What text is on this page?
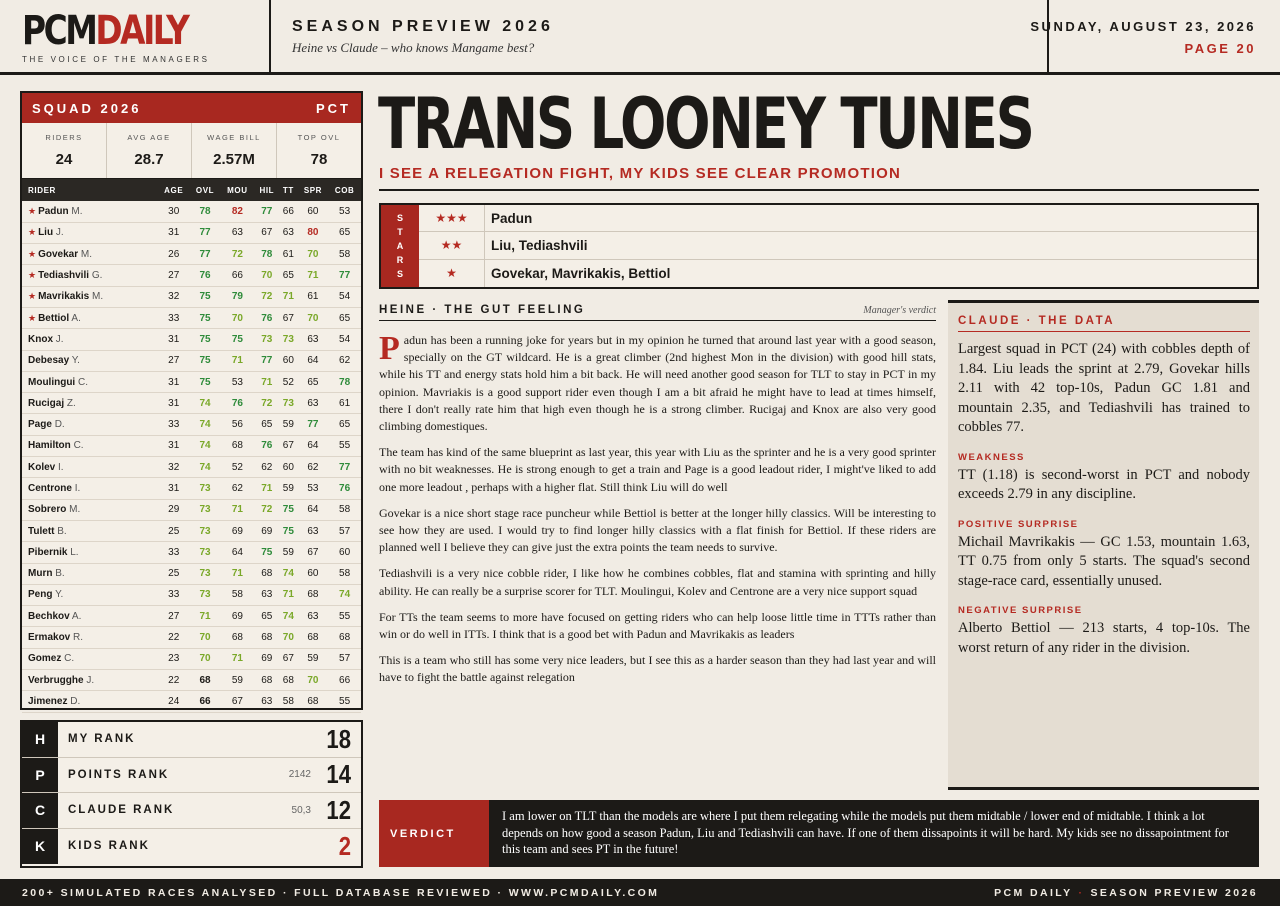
PCMDAILY
THE VOICE OF THE MANAGERS
SEASON PREVIEW 2026
Heine vs Claude – who knows Mangame best?
SUNDAY, AUGUST 23, 2026
PAGE 20
SQUAD 2026	PCT
RIDERS
24
AVG AGE
28.7
WAGE BILL
2.57M
TOP OVL
78
RIDER	AGE	OVL	MOU	HIL	TT	SPR	COB
★ Padun M.	30	78	82	77	66	60	53
★ Liu J.	31	77	63	67	63	80	65
★ Govekar M.	26	77	72	78	61	70	58
★ Tediashvili G.	27	76	66	70	65	71	77
★ Mavrikakis M.	32	75	79	72	71	61	54
★ Bettiol A.	33	75	70	76	67	70	65
Knox J.	31	75	75	73	73	63	54
Debesay Y.	27	75	71	77	60	64	62
Moulingui C.	31	75	53	71	52	65	78
Rucigaj Z.	31	74	76	72	73	63	61
Page D.	33	74	56	65	59	77	65
Hamilton C.	31	74	68	76	67	64	55
Kolev I.	32	74	52	62	60	62	77
Centrone I.	31	73	62	71	59	53	76
Sobrero M.	29	73	71	72	75	64	58
Tulett B.	25	73	69	69	75	63	57
Pibernik L.	33	73	64	75	59	67	60
Murn B.	25	73	71	68	74	60	58
Peng Y.	33	73	58	63	71	68	74
Bechkov A.	27	71	69	65	74	63	55
Ermakov R.	22	70	68	68	70	68	68
Gomez C.	23	70	71	69	67	59	57
Verbrugghe J.	22	68	59	68	68	70	66
Jimenez D.	24	66	67	63	58	68	55
H	MY RANK	18
P	POINTS RANK	2142 14
C	CLAUDE RANK	50,3 12
K	KIDS RANK	2
TRANS LOONEY TUNES
I SEE A RELEGATION FIGHT, MY KIDS SEE CLEAR PROMOTION
S
T
A
R
S
★★★	Padun
★★	Liu, Tediashvili
★	Govekar, Mavrikakis, Bettiol
HEINE · THE GUT FEELING	Manager's verdict

Padun has been a running joke for years but in my opinion he turned that around last year with a good season, specially on the GT wildcard. He is a great climber (2nd highest Mon in the division) with good hill stats, while his TT and energy stats hold him a bit back. He will need another good season for TLT to stay in PCT in my opinion. Mavriakis is a good support rider even though I am a bit afraid he might have to lead at times himself, there I don't really rate him that high even though he is a strong climber. Rucigaj and Knox are also very good climbing domestiques.

The team has kind of the same blueprint as last year, this year with Liu as the sprinter and he is a very good sprinter with no bit weaknesses. He is strong enough to get a train and Page is a good leadout rider, I might've liked to add one more leadout , perhaps with a higher flat. Still think Liu will do well

Govekar is a nice short stage race puncheur while Bettiol is better at the longer hilly classics. Will be interesting to see how they are used. I would try to find longer hilly classics with a flat finish for Bettiol. If these riders are planned well I believe they can give just the extra points the team needs to survive.

Tediashvili is a very nice cobble rider, I like how he combines cobbles, flat and stamina with sprinting and hilly ability. He can really be a surprise scorer for TLT. Moulingui, Kolev and Centrone are a very nice support squad

For TTs the team seems to more have focused on getting riders who can help loose little time in TTTs rather than win or do well in ITTs. I think that is a good bet with Padun and Mavrikakis as leaders

This is a team who still has some very nice leaders, but I see this as a harder season than they had last year and will have to fight the battle against relegation

CLAUDE · THE DATA

Largest squad in PCT (24) with cobbles depth of 1.84. Liu leads the sprint at 2.79, Govekar hills 2.11 with 42 top-10s, Padun GC 1.81 and mountain 2.35, and Tediashvili has trained to cobbles 77.

WEAKNESS

TT (1.18) is second-worst in PCT and nobody exceeds 2.79 in any discipline.

POSITIVE SURPRISE

Michail Mavrikakis — GC 1.53, mountain 1.63, TT 0.75 from only 5 starts. The squad's second stage-race card, essentially unused.

NEGATIVE SURPRISE

Alberto Bettiol — 213 starts, 4 top-10s. The worst return of any rider in the division.

VERDICT
I am lower on TLT than the models are where I put them relegating while the models put them midtable / lower end of midtable. I think a lot depends on how good a season Padun, Liu and Tediashvili can have. If one of them dissapoints it will be hard. My kids see no dissapointment for this team and sees PT in the future!
200+ SIMULATED RACES ANALYSED · FULL DATABASE REVIEWED · WWW.PCMDAILY.COM	PCM DAILY · SEASON PREVIEW 2026
